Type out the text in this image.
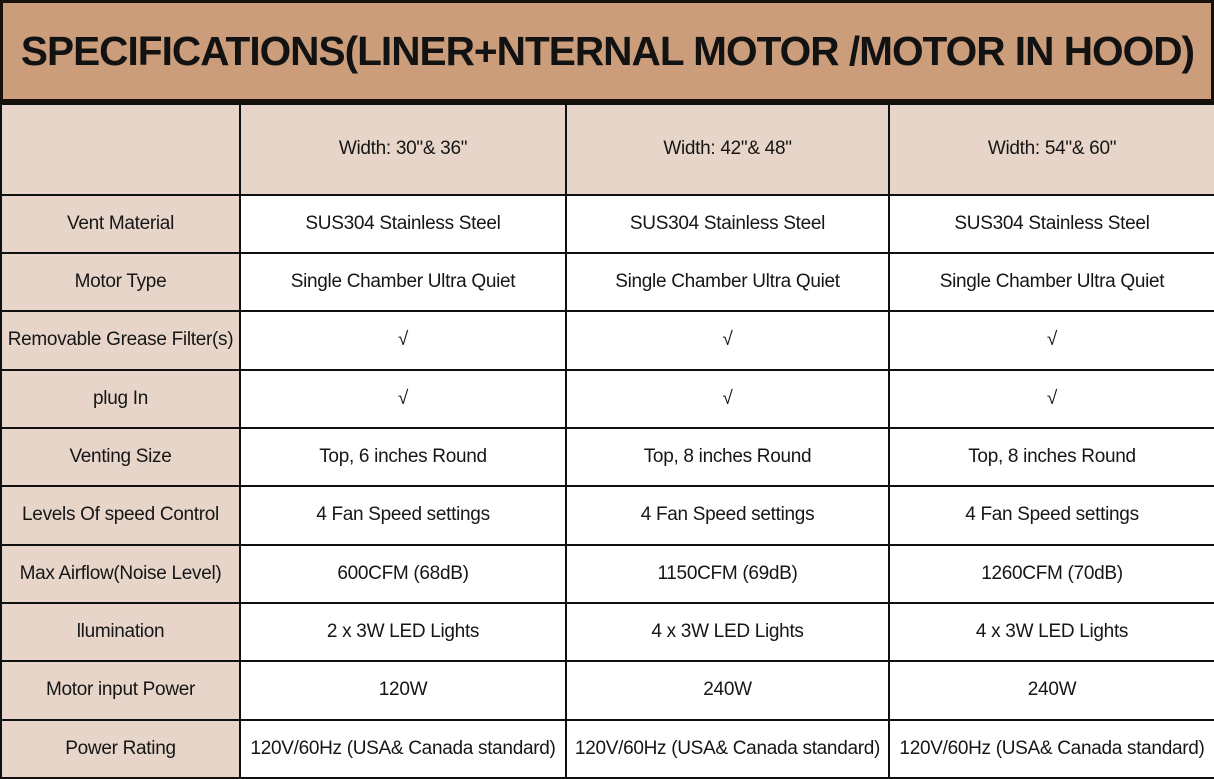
SPECIFICATIONS(LINER+NTERNAL MOTOR /MOTOR IN HOOD)
	Width: 30"& 36"	Width: 42"& 48"	Width: 54"& 60"
Vent Material	SUS304 Stainless Steel	SUS304 Stainless Steel	SUS304 Stainless Steel
Motor Type	Single Chamber Ultra Quiet	Single Chamber Ultra Quiet	Single Chamber Ultra Quiet
Removable Grease Filter(s)	√	√	√
plug In	√	√	√
Venting Size	Top, 6 inches Round	Top, 8 inches Round	Top, 8 inches Round
Levels Of speed Control	4 Fan Speed settings	4 Fan Speed settings	4 Fan Speed settings
Max Airflow(Noise Level)	600CFM (68dB)	1150CFM (69dB)	1260CFM (70dB)
llumination	2 x 3W LED Lights	4 x 3W LED Lights	4 x 3W LED Lights
Motor input Power	120W	240W	240W
Power Rating	120V/60Hz (USA& Canada standard)	120V/60Hz (USA& Canada standard)	120V/60Hz (USA& Canada standard)
